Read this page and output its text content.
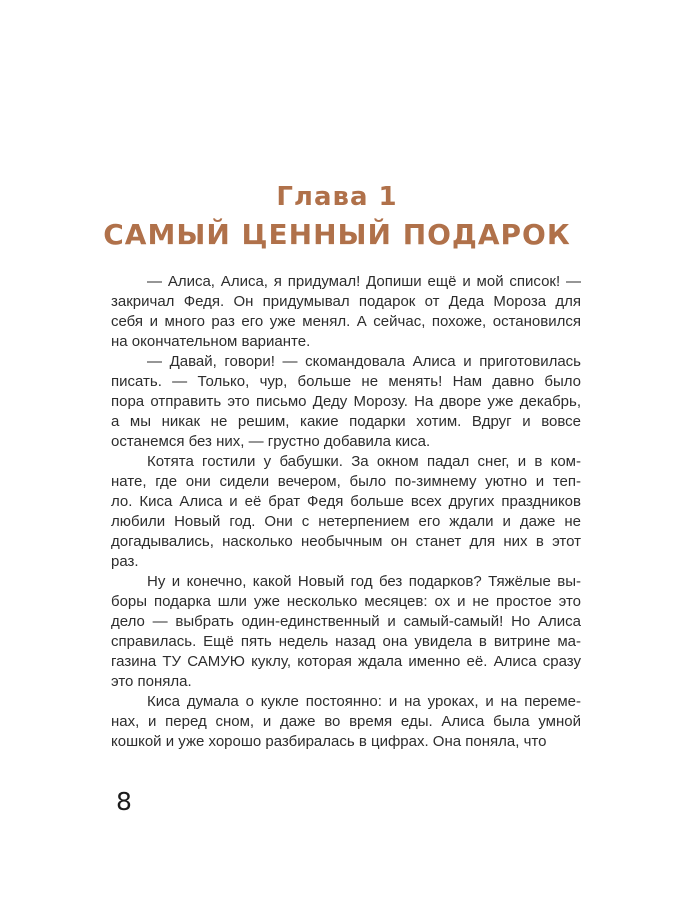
Глава 1
САМЫЙ ЦЕННЫЙ ПОДАРОК
— Алиса, Алиса, я придумал! Допиши ещё и мой список! —
закричал Федя. Он придумывал подарок от Деда Мороза для
себя и много раз его уже менял. А сейчас, похоже, остановился
на окончательном варианте.
— Давай, говори! — скомандовала Алиса и приготовилась
писать. — Только, чур, больше не менять! Нам давно было
пора отправить это письмо Деду Морозу. На дворе уже декабрь,
а мы никак не решим, какие подарки хотим. Вдруг и вовсе
останемся без них, — грустно добавила киса.
Котята гостили у бабушки. За окном падал снег, и в ком-
нате, где они сидели вечером, было по-зимнему уютно и теп-
ло. Киса Алиса и её брат Федя больше всех других праздников
любили Новый год. Они с нетерпением его ждали и даже не
догадывались, насколько необычным он станет для них в этот
раз.
Ну и конечно, какой Новый год без подарков? Тяжёлые вы-
боры подарка шли уже несколько месяцев: ох и не простое это
дело — выбрать один-единственный и самый-самый! Но Алиса
справилась. Ещё пять недель назад она увидела в витрине ма-
газина ТУ САМУЮ куклу, которая ждала именно её. Алиса сразу
это поняла.
Киса думала о кукле постоянно: и на уроках, и на переме-
нах, и перед сном, и даже во время еды. Алиса была умной
кошкой и уже хорошо разбиралась в цифрах. Она поняла, что
8
